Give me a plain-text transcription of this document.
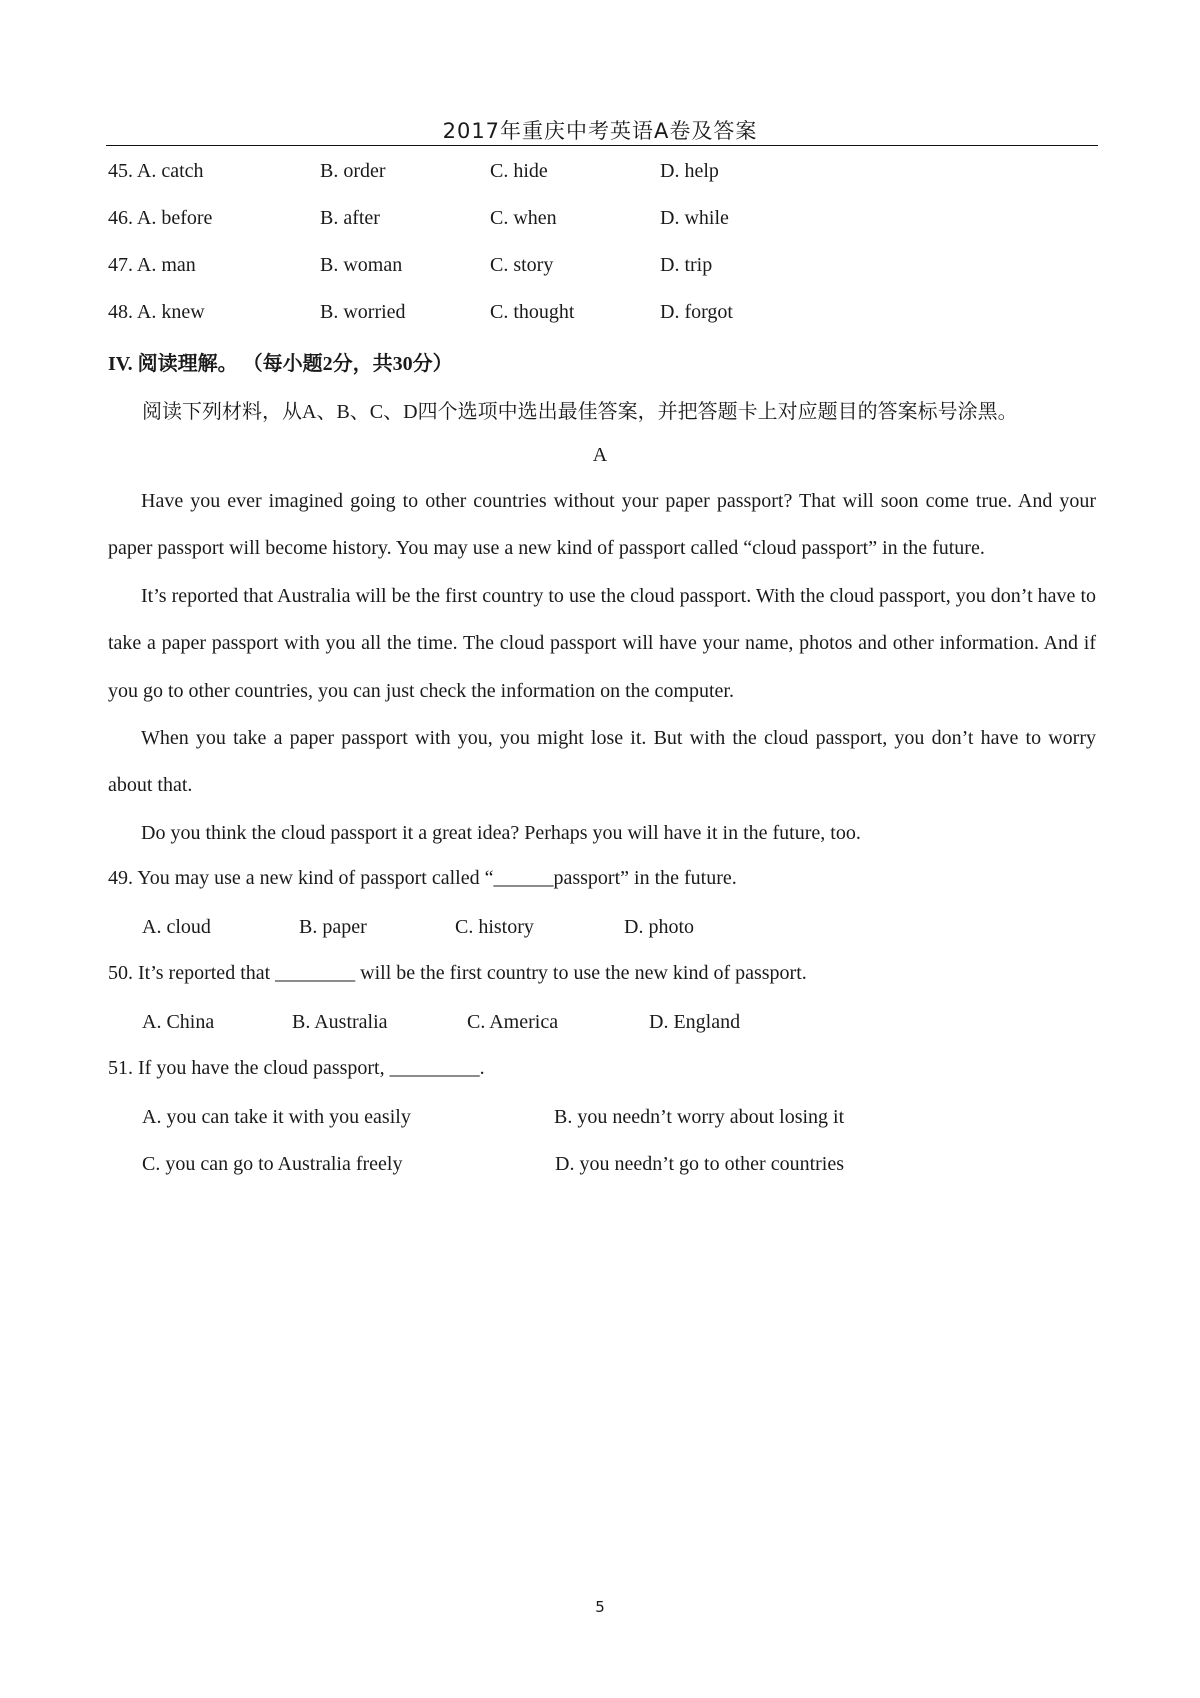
2017年重庆中考英语A卷及答案
45. A. catch	B. order	C. hide	D. help
46. A. before	B. after	C. when	D. while
47. A. man	B. woman	C. story	D. trip
48. A. knew	B. worried	C. thought	D. forgot
IV. 阅读理解。 （每小题2分，共30分）
阅读下列材料，从A、B、C、D四个选项中选出最佳答案，并把答题卡上对应题目的答案标号涂黑。
A

Have you ever imagined going to other countries without your paper passport? That will soon come true. And your paper passport will become history. You may use a new kind of passport called “cloud passport” in the future.

It’s reported that Australia will be the first country to use the cloud passport. With the cloud passport, you don’t have to take a paper passport with you all the time. The cloud passport will have your name, photos and other information. And if you go to other countries, you can just check the information on the computer.

When you take a paper passport with you, you might lose it. But with the cloud passport, you don’t have to worry about that.

Do you think the cloud passport it a great idea? Perhaps you will have it in the future, too.

49. You may use a new kind of passport called “______passport” in the future.
A. cloud	B. paper	C. history	D. photo
50. It’s reported that ________ will be the first country to use the new kind of passport.
A. China	B. Australia	C. America	D. England
51. If you have the cloud passport, _________.
A. you can take it with you easily	B. you needn’t worry about losing it
C. you can go to Australia freely	D. you needn’t go to other countries
5
